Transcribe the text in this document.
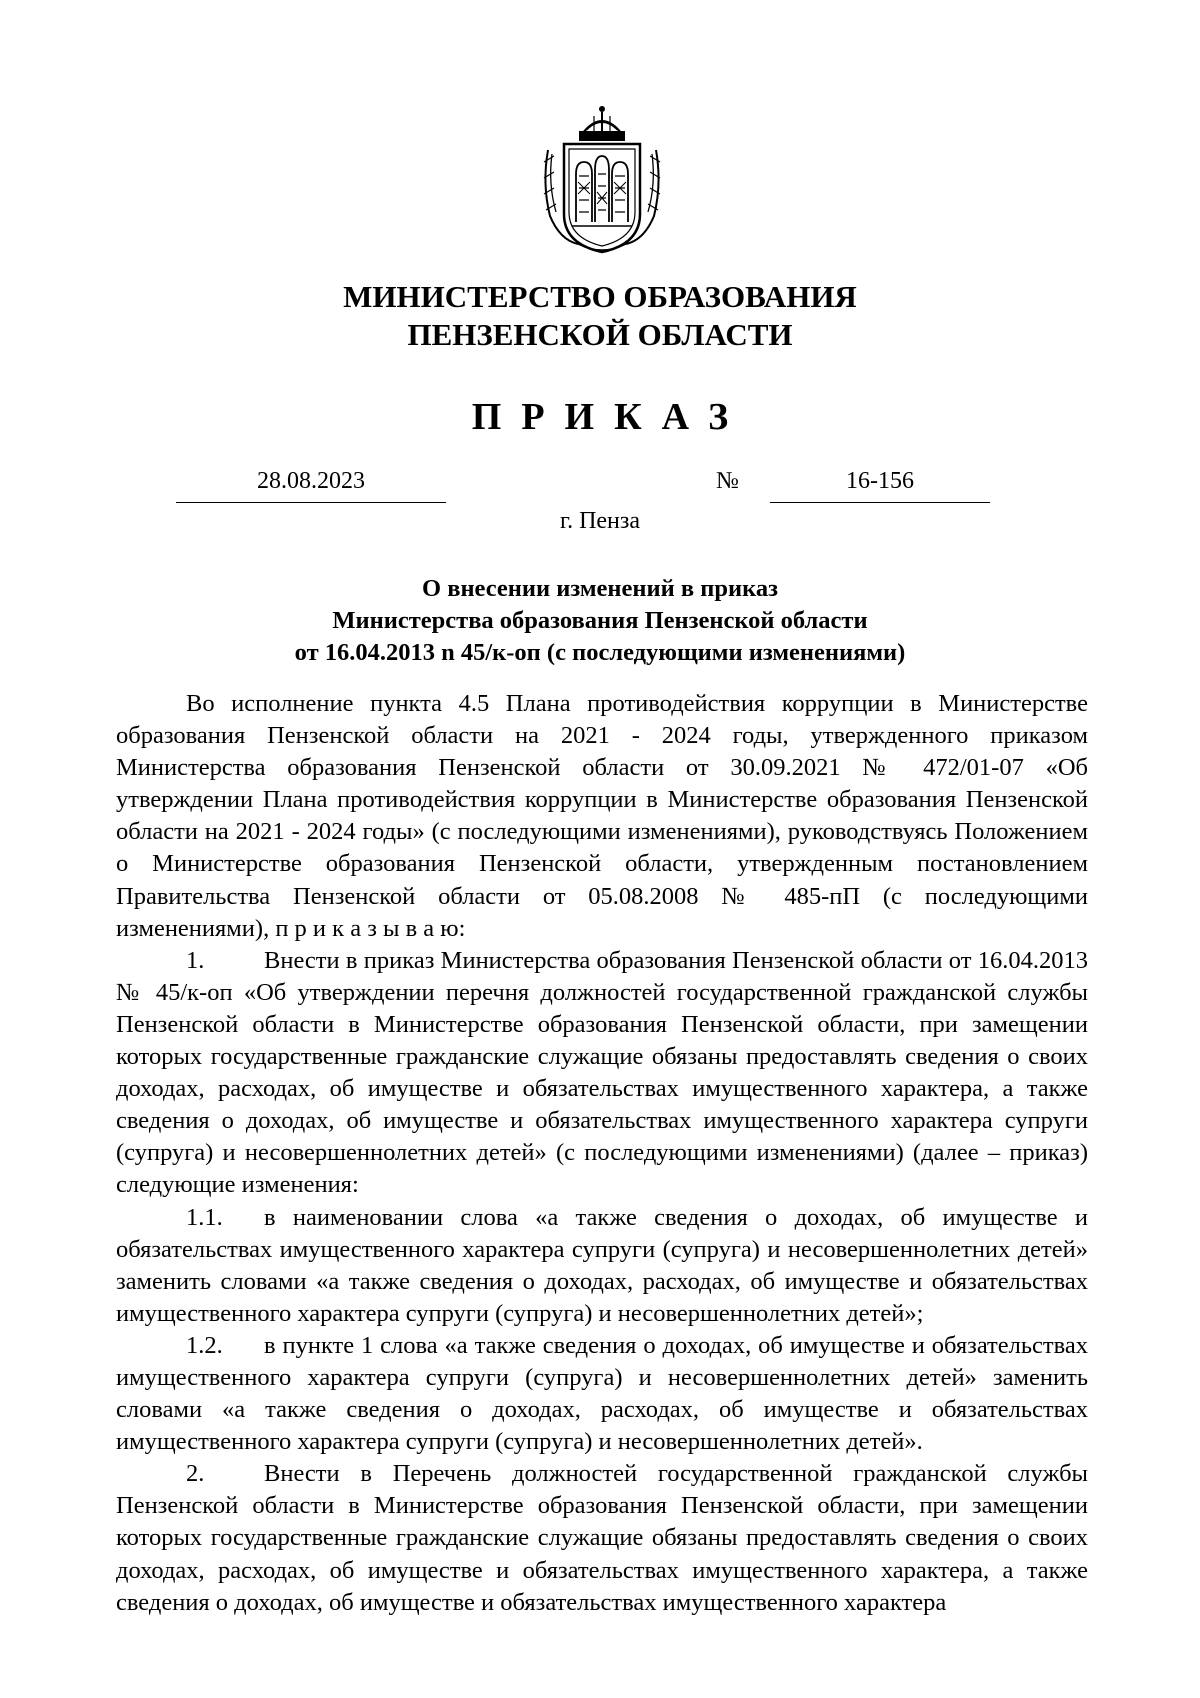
МИНИСТЕРСТВО ОБРАЗОВАНИЯ
ПЕНЗЕНСКОЙ ОБЛАСТИ
ПРИКАЗ
28.08.2023	№	16-156
г. Пенза
О внесении изменений в приказ
Министерства образования Пензенской области
от 16.04.2013 n 45/к-оп (с последующими изменениями)

Во исполнение пункта 4.5 Плана противодействия коррупции в Министерстве образования Пензенской области на 2021 - 2024 годы, утвержденного приказом Министерства образования Пензенской области от 30.09.2021 № 472/01-07 «Об утверждении Плана противодействия коррупции в Министерстве образования Пензенской области на 2021 - 2024 годы» (с последующими изменениями), руководствуясь Положением о Министерстве образования Пензенской области, утвержденным постановлением Правительства Пензенской области от 05.08.2008 № 485-пП (с последующими изменениями), п р и к а з ы в а ю:

1. Внести в приказ Министерства образования Пензенской области от 16.04.2013 № 45/к-оп «Об утверждении перечня должностей государственной гражданской службы Пензенской области в Министерстве образования Пензенской области, при замещении которых государственные гражданские служащие обязаны предоставлять сведения о своих доходах, расходах, об имуществе и обязательствах имущественного характера, а также сведения о доходах, об имуществе и обязательствах имущественного характера супруги (супруга) и несовершеннолетних детей» (с последующими изменениями) (далее – приказ) следующие изменения:

1.1. в наименовании слова «а также сведения о доходах, об имуществе и обязательствах имущественного характера супруги (супруга) и несовершеннолетних детей» заменить словами «а также сведения о доходах, расходах, об имуществе и обязательствах имущественного характера супруги (супруга) и несовершеннолетних детей»;

1.2. в пункте 1 слова «а также сведения о доходах, об имуществе и обязательствах имущественного характера супруги (супруга) и несовершеннолетних детей» заменить словами «а также сведения о доходах, расходах, об имуществе и обязательствах имущественного характера супруги (супруга) и несовершеннолетних детей».

2. Внести в Перечень должностей государственной гражданской службы Пензенской области в Министерстве образования Пензенской области, при замещении которых государственные гражданские служащие обязаны предоставлять сведения о своих доходах, расходах, об имуществе и обязательствах имущественного характера, а также сведения о доходах, об имуществе и обязательствах имущественного характера
